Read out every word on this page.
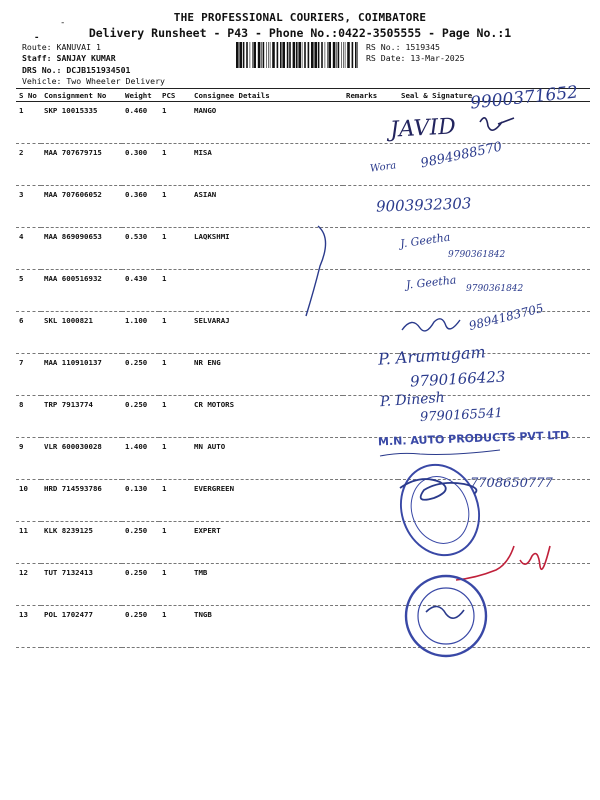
THE PROFESSIONAL COURIERS, COIMBATORE
Delivery Runsheet - P43 - Phone No.:0422-3505555 - Page No.:1
-
-
Route: KANUVAI 1
Staff: SANJAY KUMAR
DRS No.: DCJB151934501
Vehicle: Two Wheeler Delivery
RS No.: 1519345
RS Date: 13-Mar-2025
S No	Consignment No	Weight	PCS	Consignee Details	Remarks	Seal & Signature
1	SKP 10015335	0.460	1	MANGO		
2	MAA 707679715	0.300	1	MISA		
3	MAA 707606052	0.360	1	ASIAN		
4	MAA 869090653	0.530	1	LAQKSHMI		
5	MAA 600516932	0.430	1			
6	SKL 1000821	1.100	1	SELVARAJ		
7	MAA 110910137	0.250	1	NR ENG		
8	TRP 7913774	0.250	1	CR MOTORS		
9	VLR 600030028	1.400	1	MN AUTO		
10	HRD 714593786	0.130	1	EVERGREEN		
11	KLK 8239125	0.250	1	EXPERT		
12	TUT 7132413	0.250	1	TMB		
13	POL 1702477	0.250	1	TNGB		
9900371652
JAVID
Wora 9894988570
9003932303
J. Geetha
9790361842
J. Geetha 9790361842
9894183705
P. Arumugam
9790166423
P. Dinesh
9790165541
M.N. AUTO PRODUCTS PVT LTD
7708650777
